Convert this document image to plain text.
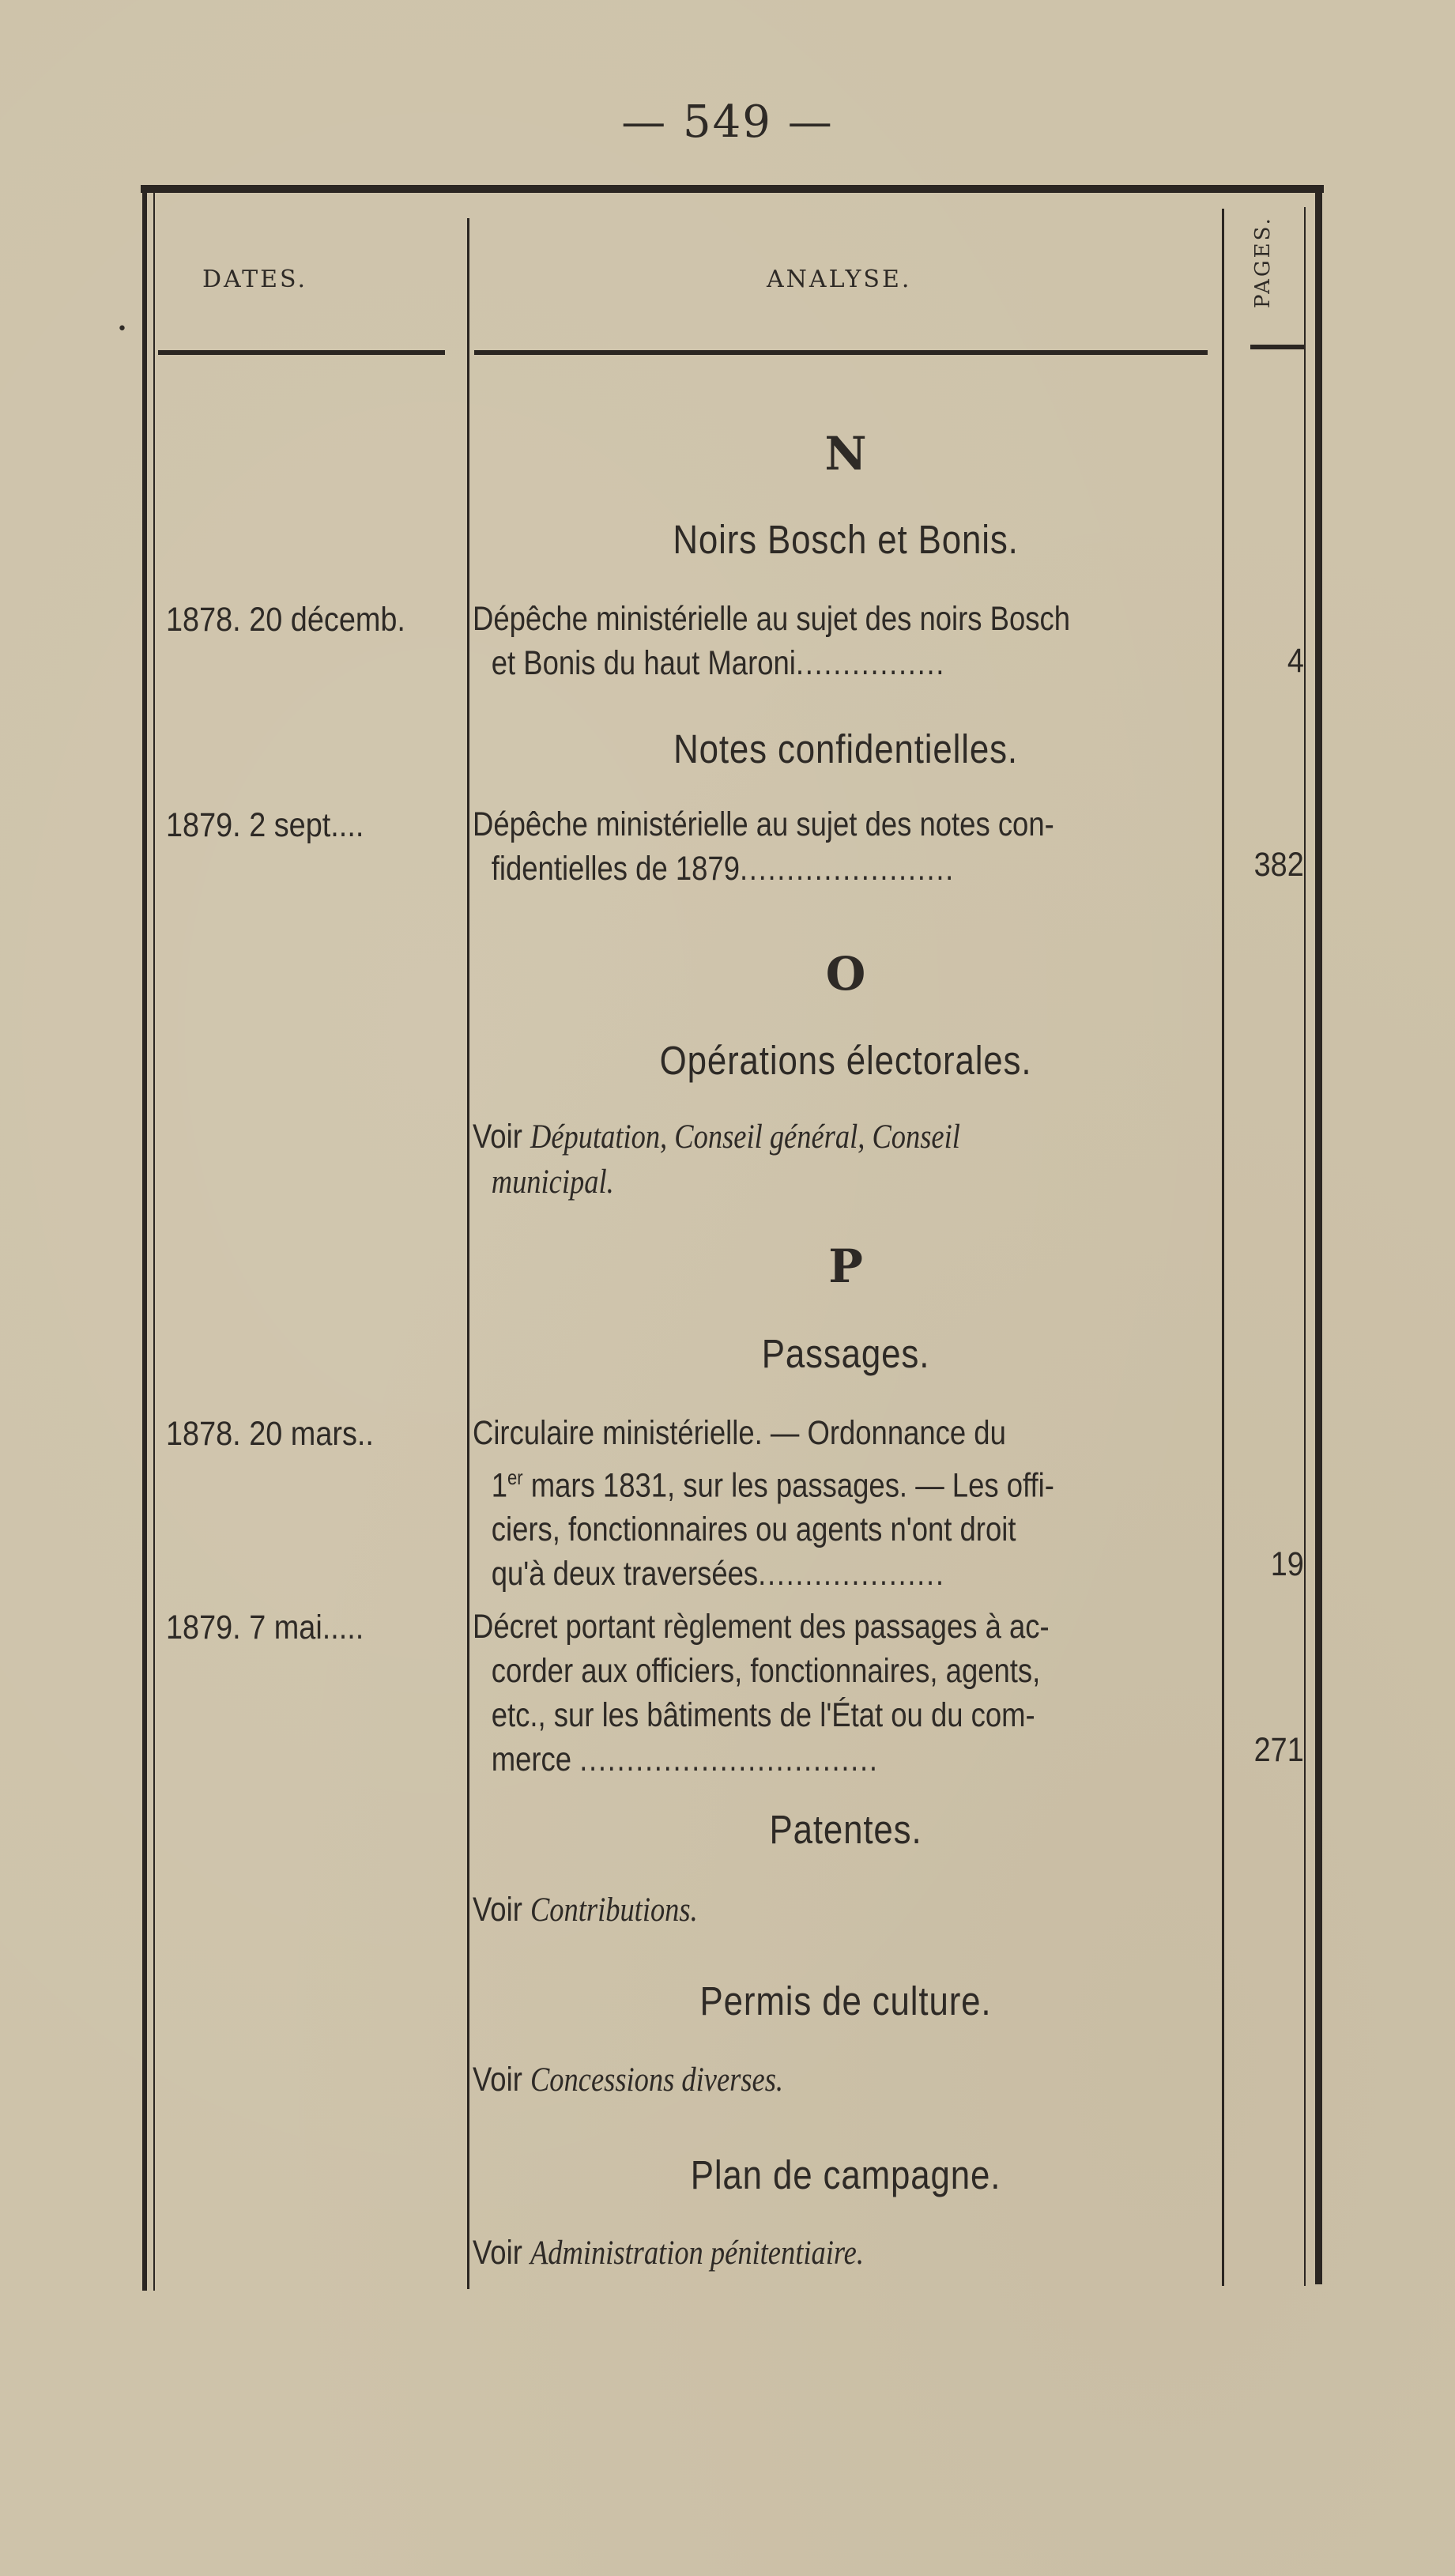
— 549 —
•
DATES.	ANALYSE.	PAGES.
N
Noirs Bosch et Bonis.
1878. 20 décemb. Dépêche ministérielle au sujet des noirs Bosch
et Bonis du haut Maroni................	4
Notes confidentielles.
1879. 2 sept....	Dépêche ministérielle au sujet des notes con-
fidentielles de 1879.......................	382
O
Opérations électorales.
Voir Députation, Conseil général, Conseil
municipal.
P
Passages.
1878. 20 mars..	Circulaire ministérielle. — Ordonnance du
1er mars 1831, sur les passages. — Les offi-
ciers, fonctionnaires ou agents n'ont droit
qu'à deux traversées....................	19
1879. 7 mai.....	Décret portant règlement des passages à ac-
corder aux officiers, fonctionnaires, agents,
etc., sur les bâtiments de l'État ou du com-
merce ................................	271
Patentes.
Voir Contributions.
Permis de culture.
Voir Concessions diverses.
Plan de campagne.
Voir Administration pénitentiaire.
